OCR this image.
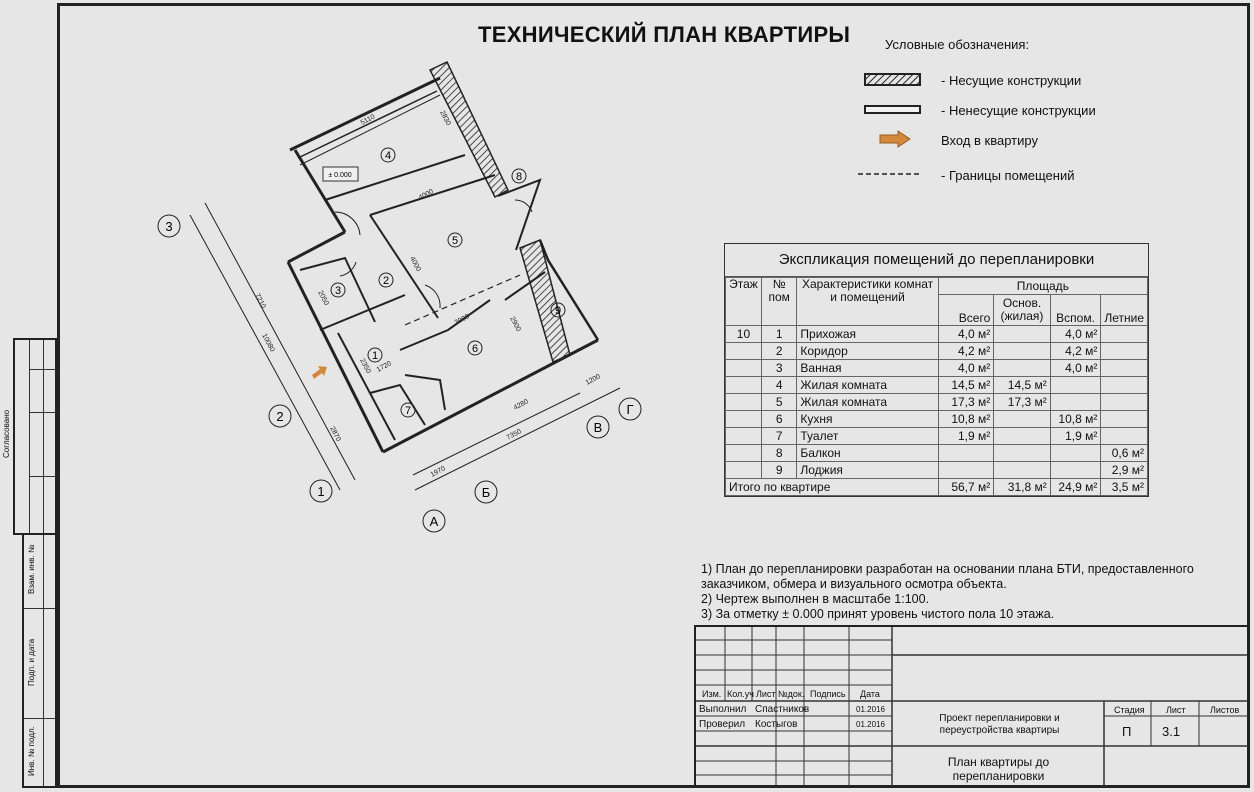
Согласовано
Взам. инв. №
Подп. и дата
Инв. № подл.
ТЕХНИЧЕСКИЙ ПЛАН КВАРТИРЫ	Условные обозначения:
- Несущие конструкции
- Ненесущие конструкции
Вход в квартиру
- Границы помещений
± 0.000
1
2
3
4
5
6
7
8
9
3
2
1
А
Б
В
Г
5110	2830
4000
4000
2050
3900	2900
1720
2350
7210
10080
2870
1970
7350
4280
1200
Экспликация помещений до перепланировки
Этаж	№ пом	Характеристики комнат и помещений	Площадь			
			Всего	Основ. (жилая)	Вспом.	Летние
10	1	Прихожая	4,0 м²		4,0 м²	
	2	Коридор	4,2 м²		4,2 м²	
	3	Ванная	4,0 м²		4,0 м²	
	4	Жилая комната	14,5 м²	14,5 м²		
	5	Жилая комната	17,3 м²	17,3 м²		
	6	Кухня	10,8 м²		10,8 м²	
	7	Туалет	1,9 м²		1,9 м²	
	8	Балкон				0,6 м²
	9	Лоджия				2,9 м²
Итого по квартире			56,7 м²	31,8 м²	24,9 м²	3,5 м²
1) План до перепланировки разработан на основании плана БТИ, предоставленного
заказчиком, обмера и визуального осмотра объекта.
2) Чертеж выполнен в масштабе 1:100.
3) За отметку ± 0.000 принят уровень чистого пола 10 этажа.
Изм. Кол.уч Лист №док. Подпись Дата
Выполнил Спастников	01.2016
Проверил Костыгов	01.2016
Проект перепланировки и переустройства квартиры
Стадия Лист	Листов
П 3.1
План квартиры до перепланировки
